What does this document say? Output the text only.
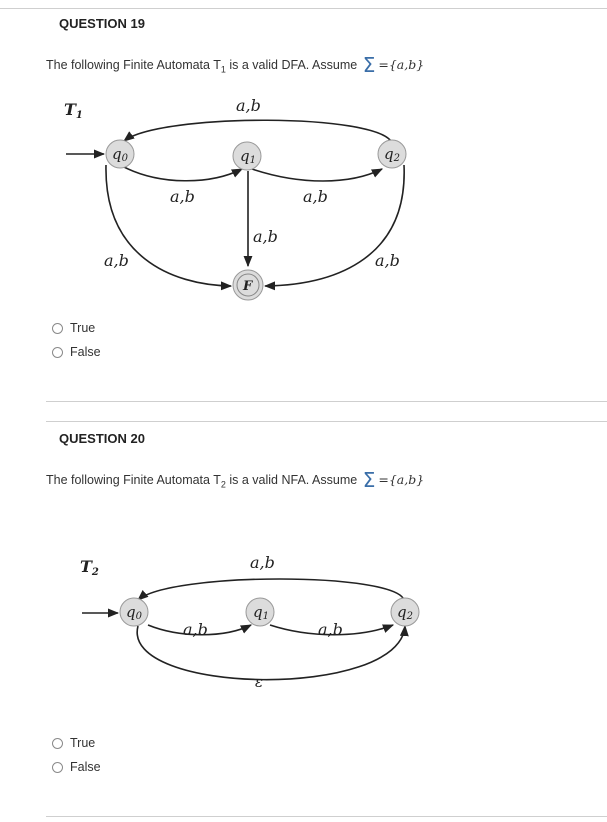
QUESTION 19
The following Finite Automata $T_1$ is a valid DFA. Assume Σ ={a,b}
q0	q1	q2
F
T1
a,b
a,b	a,b
a,b
a,b	a,b
True
False
QUESTION 20
The following Finite Automata $T_2$ is a valid NFA. Assume Σ ={a,b}
q0	q1	q2
T2
a,b
a,b	a,b
ε
True
False
